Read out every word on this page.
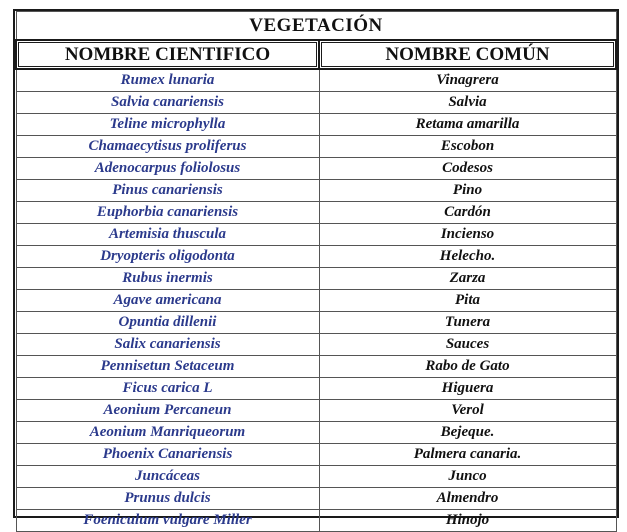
VEGETACIÓN	
NOMBRE CIENTIFICO	NOMBRE COMÚN
Rumex lunaria	Vinagrera
Salvia canariensis	Salvia
Teline microphylla	Retama amarilla
Chamaecytisus proliferus	Escobon
Adenocarpus foliolosus	Codesos
Pinus canariensis	Pino
Euphorbia canariensis	Cardón
Artemisia thuscula	Incienso
Dryopteris oligodonta	Helecho.
Rubus inermis	Zarza
Agave americana	Pita
Opuntia dillenii	Tunera
Salix canariensis	Sauces
Pennisetun Setaceum	Rabo de Gato
Ficus carica L	Higuera
Aeonium Percaneun	Verol
Aeonium Manriqueorum	Bejeque.
Phoenix Canariensis	Palmera canaria.
Juncáceas	Junco
Prunus dulcis	Almendro
Foeniculum vulgare Miller	Hinojo
